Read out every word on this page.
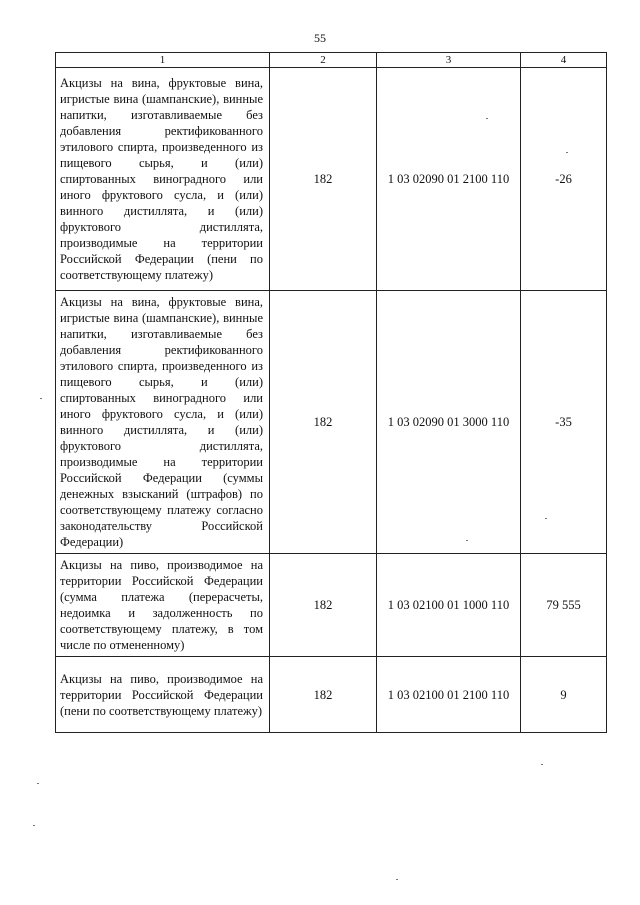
55
1	2	3	4
Акцизы на вина, фруктовые вина, игристые вина (шампанские), винные напитки, изготавливаемые без добавления ректификованного этилового спирта, произведенного из пищевого сырья, и (или) спиртованных виноградного или иного фруктового сусла, и (или) винного дистиллята, и (или) фруктового дистиллята, производимые на территории Российской Федерации (пени по соответствующему платежу)	182	1 03 02090 01 2100 110	-26
Акцизы на вина, фруктовые вина, игристые вина (шампанские), винные напитки, изготавливаемые без добавления ректификованного этилового спирта, произведенного из пищевого сырья, и (или) спиртованных виноградного или иного фруктового сусла, и (или) винного дистиллята, и (или) фруктового дистиллята, производимые на территории Российской Федерации (суммы денежных взысканий (штрафов) по соответствующему платежу согласно законодательству Российской Федерации)	182	1 03 02090 01 3000 110	-35
Акцизы на пиво, производимое на территории Российской Федерации (сумма платежа (перерасчеты, недоимка и задолженность по соответствующему платежу, в том числе по отмененному)	182	1 03 02100 01 1000 110	79 555
Акцизы на пиво, производимое на территории Российской Федерации (пени по соответствующему платежу)	182	1 03 02100 01 2100 110	9
